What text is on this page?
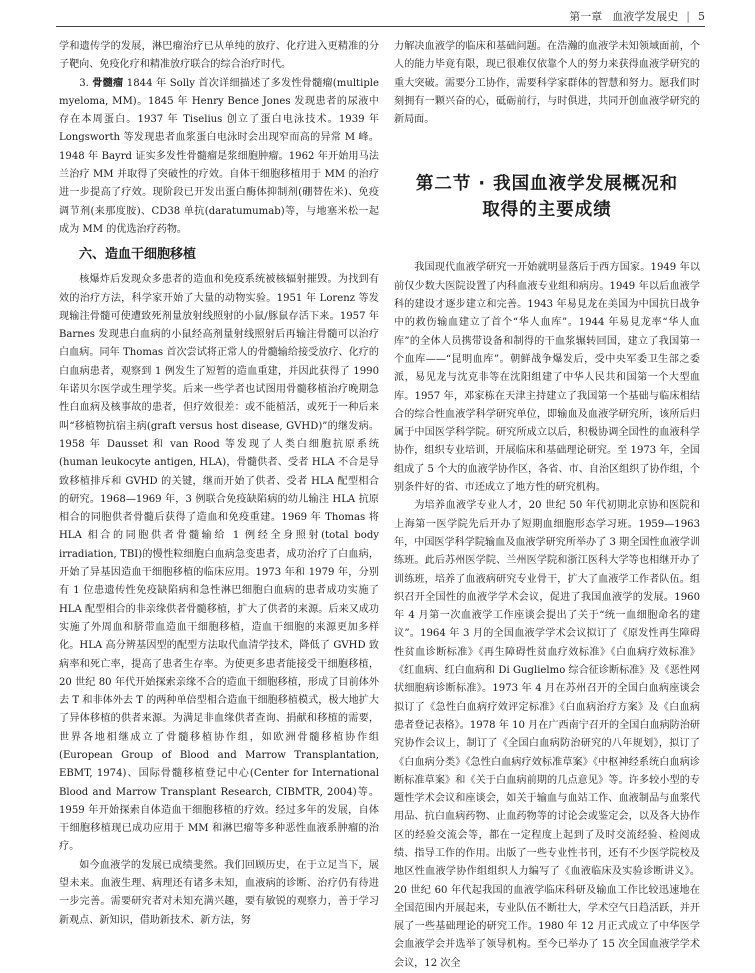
第一章 血液学发展史 | 5

学和遗传学的发展，淋巴瘤治疗已从单纯的放疗、化疗进入更精准的分子靶向、免疫化疗和精准放疗联合的综合治疗时代。

3. 骨髓瘤 1844 年 Solly 首次详细描述了多发性骨髓瘤(multiple myeloma, MM)。1845 年 Henry Bence Jones 发现患者的尿液中存在本周蛋白。1937 年 Tiselius 创立了蛋白电泳技术。1939 年 Longsworth 等发现患者血浆蛋白电泳时会出现窄而高的异常 M 峰。1948 年 Bayrd 证实多发性骨髓瘤是浆细胞肿瘤。1962 年开始用马法兰治疗 MM 并取得了突破性的疗效。自体干细胞移植用于 MM 的治疗进一步提高了疗效。现阶段已开发出蛋白酶体抑制剂(硼替佐米)、免疫调节剂(来那度胺)、CD38 单抗(daratumumab)等，与地塞米松一起成为 MM 的优选治疗药物。

六、造血干细胞移植

核爆炸后发现众多患者的造血和免疫系统被核辐射摧毁。为找到有效的治疗方法，科学家开始了大量的动物实验。1951 年 Lorenz 等发现输注骨髓可使遭致死剂量放射线照射的小鼠/豚鼠存活下来。1957 年 Barnes 发现患白血病的小鼠经高剂量射线照射后再输注骨髓可以治疗白血病。同年 Thomas 首次尝试将正常人的骨髓输给接受放疗、化疗的白血病患者，观察到 1 例发生了短暂的造血重建，并因此获得了 1990 年诺贝尔医学或生理学奖。后来一些学者也试图用骨髓移植治疗晚期急性白血病及核事故的患者，但疗效很差：或不能植活，或死于一种后来叫“移植物抗宿主病(graft versus host disease, GVHD)”的继发病。1958 年 Dausset 和 van Rood 等发现了人类白细胞抗原系统(human leukocyte antigen, HLA)，骨髓供者、受者 HLA 不合是导致移植排斥和 GVHD 的关键，继而开始了供者、受者 HLA 配型相合的研究。1968—1969 年，3 例联合免疫缺陷病的幼儿输注 HLA 抗原相合的同胞供者骨髓后获得了造血和免疫重建。1969 年 Thomas 将 HLA 相合的同胞供者骨髓输给 1 例经全身照射(total body irradiation, TBI)的慢性粒细胞白血病急变患者，成功治疗了白血病，开始了异基因造血干细胞移植的临床应用。1973 年和 1979 年，分别有 1 位患遗传性免疫缺陷病和急性淋巴细胞白血病的患者成功实施了 HLA 配型相合的非亲缘供者骨髓移植，扩大了供者的来源。后来又成功实施了外周血和脐带血造血干细胞移植，造血干细胞的来源更加多样化。HLA 高分辨基因型的配型方法取代血清学技术，降低了 GVHD 致病率和死亡率，提高了患者生存率。为使更多患者能接受干细胞移植，20 世纪 80 年代开始探索亲缘不合的造血干细胞移植，形成了目前体外去 T 和非体外去 T 的两种单倍型相合造血干细胞移植模式，极大地扩大了异体移植的供者来源。为满足非血缘供者查询、捐献和移植的需要，世界各地相继成立了骨髓移植协作组，如欧洲骨髓移植协作组(European Group of Blood and Marrow Transplantation, EBMT, 1974)、国际骨髓移植登记中心(Center for International Blood and Marrow Transplant Research, CIBMTR, 2004)等。1959 年开始探索自体造血干细胞移植的疗效。经过多年的发展，自体干细胞移植现已成功应用于 MM 和淋巴瘤等多种恶性血液系肿瘤的治疗。

如今血液学的发展已成绩斐然。我们回顾历史，在于立足当下，展望未来。血液生理、病理还有诸多未知，血液病的诊断、治疗仍有待进一步完善。需要研究者对未知充满兴趣，要有敏锐的观察力，善于学习新观点、新知识，借助新技术、新方法，努

力解决血液学的临床和基础问题。在浩瀚的血液学未知领域面前，个人的能力毕竟有限，现已很难仅依靠个人的努力来获得血液学研究的重大突破。需要分工协作，需要科学家群体的智慧和努力。愿我们时刻拥有一颗兴奋的心，砥砺前行，与时俱进，共同开创血液学研究的新局面。

第二节 · 我国血液学发展概况和
取得的主要成绩

我国现代血液学研究一开始就明显落后于西方国家。1949 年以前仅少数大医院设置了内科血液专业组和病房。1949 年以后血液学科的建设才逐步建立和完善。1943 年易見龙在美国为中国抗日战争中的救伤输血建立了首个“华人血库”。1944 年易見龙率“华人血库”的全体人员携带设备和制得的干血浆辗转回国，建立了我国第一个血库——“昆明血库”。朝鲜战争爆发后，受中央军委卫生部之委派，易见龙与沈克非等在沈阳组建了中华人民共和国第一个大型血库。1957 年，邓家栋在天津主持建立了我国第一个基础与临床相结合的综合性血液学科学研究单位，即输血及血液学研究所，该所后归属于中国医学科学院。研究所成立以后，积极协调全国性的血液科学协作，组织专业培训，开展临床和基础理论研究。至 1973 年，全国组成了 5 个大的血液学协作区，各省、市、自治区组织了协作组，个别条件好的省、市还成立了地方性的研究机构。

为培养血液学专业人才，20 世纪 50 年代初期北京协和医院和上海第一医学院先后开办了短期血细胞形态学习班。1959—1963 年，中国医学科学院输血及血液学研究所举办了 3 期全国性血液学训练班。此后苏州医学院、兰州医学院和浙江医科大学等也相继开办了训练班，培养了血液病研究专业骨干，扩大了血液学工作者队伍。组织召开全国性的血液学学术会议，促进了我国血液学的发展。1960 年 4 月第一次血液学工作座谈会提出了关于“统一血细胞命名的建议”。1964 年 3 月的全国血液学学术会议拟订了《原发性再生障碍性贫血诊断标准》《再生障碍性贫血疗效标准》《白血病疗效标准》《红血病、红白血病和 Di Guglielmo 综合征诊断标准》及《恶性网状细胞病诊断标准》。1973 年 4 月在苏州召开的全国白血病座谈会拟订了《急性白血病疗效评定标准》《白血病治疗方案》及《白血病患者登记表格》。1978 年 10 月在广西南宁召开的全国白血病防治研究协作会议上，制订了《全国白血病防治研究的八年规划》，拟订了《白血病分类》《急性白血病疗效标准草案》《中枢神经系统白血病诊断标准草案》和《关于白血病前期的几点意见》等。许多较小型的专题性学术会议和座谈会，如关于输血与血站工作、血液制品与血浆代用品、抗白血病药物、止血药物等的讨论会或鉴定会，以及各大协作区的经验交流会等，都在一定程度上起到了及时交流经验、检阅成绩、指导工作的作用。出版了一些专业性书刊，还有不少医学院校及地区性血液学协作组组织人力编写了《血液临床及实验诊断讲义》。20 世纪 60 年代起我国的血液学临床科研及输血工作比较迅速地在全国范围内开展起来，专业队伍不断壮大，学术空气日趋活跃，并开展了一些基础理论的研究工作。1980 年 12 月正式成立了中华医学会血液学会并选举了领导机构。至今已举办了 15 次全国血液学学术会议，12 次全
